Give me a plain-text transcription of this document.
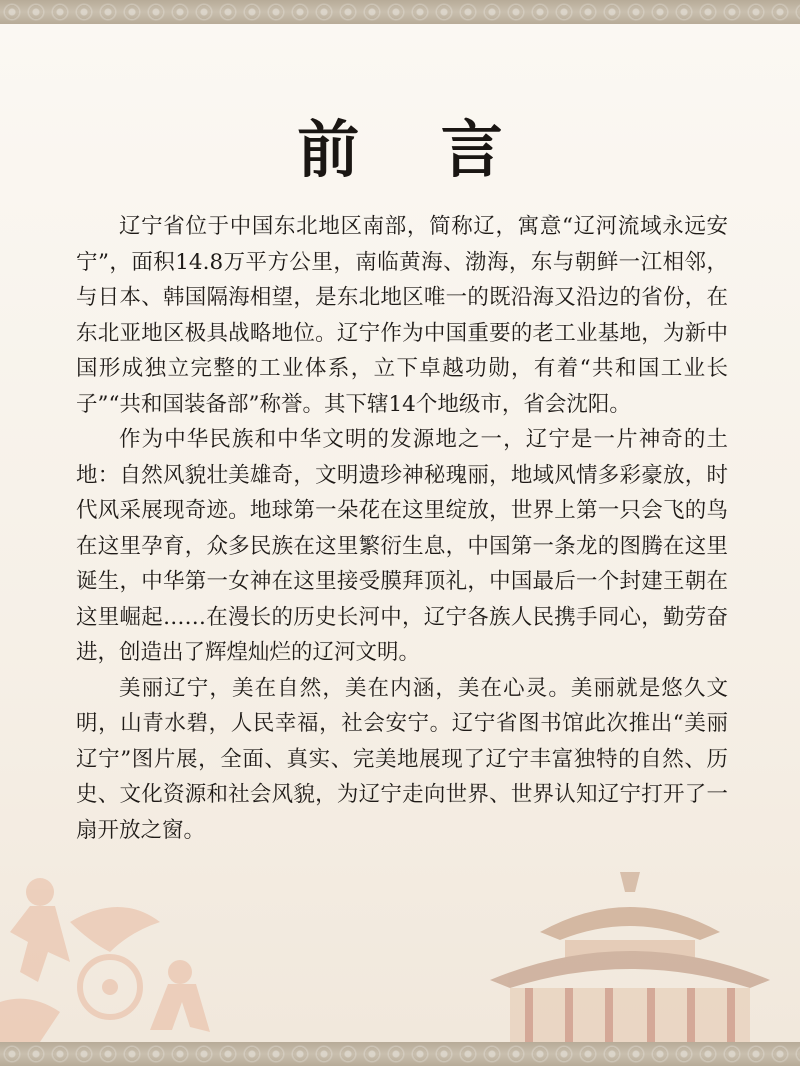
前 言

辽宁省位于中国东北地区南部，简称辽，寓意“辽河流域永远安宁”，面积14.8万平方公里，南临黄海、渤海，东与朝鲜一江相邻，与日本、韩国隔海相望，是东北地区唯一的既沿海又沿边的省份，在东北亚地区极具战略地位。辽宁作为中国重要的老工业基地，为新中国形成独立完整的工业体系，立下卓越功勋，有着“共和国工业长子”“共和国装备部”称誉。其下辖14个地级市，省会沈阳。

作为中华民族和中华文明的发源地之一，辽宁是一片神奇的土地：自然风貌壮美雄奇，文明遗珍神秘瑰丽，地域风情多彩豪放，时代风采展现奇迹。地球第一朵花在这里绽放，世界上第一只会飞的鸟在这里孕育，众多民族在这里繁衍生息，中国第一条龙的图腾在这里诞生，中华第一女神在这里接受膜拜顶礼，中国最后一个封建王朝在这里崛起……在漫长的历史长河中，辽宁各族人民携手同心，勤劳奋进，创造出了辉煌灿烂的辽河文明。

美丽辽宁，美在自然，美在内涵，美在心灵。美丽就是悠久文明，山青水碧，人民幸福，社会安宁。辽宁省图书馆此次推出“美丽辽宁”图片展，全面、真实、完美地展现了辽宁丰富独特的自然、历史、文化资源和社会风貌，为辽宁走向世界、世界认知辽宁打开了一扇开放之窗。
